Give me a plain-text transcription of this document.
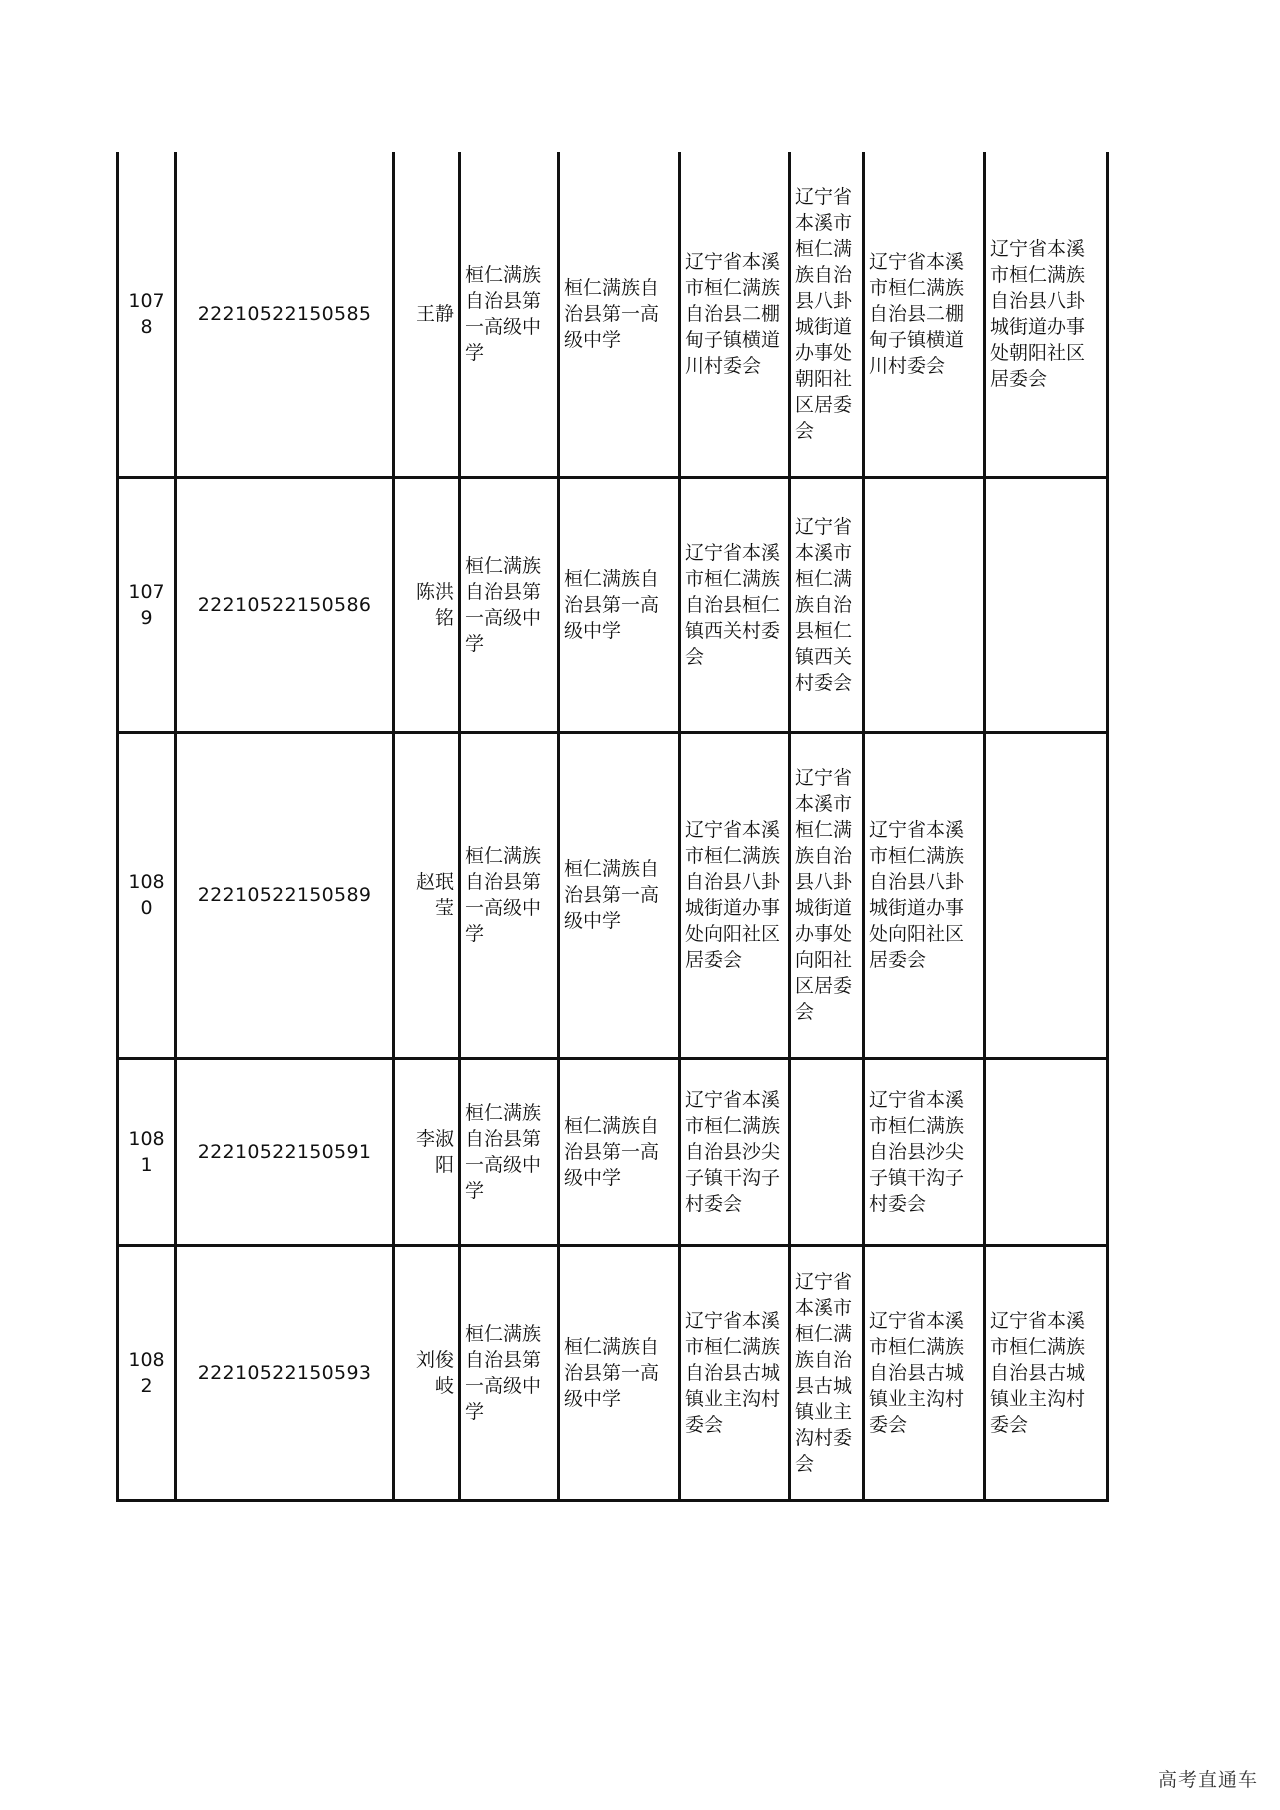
1078	22210522150585	王静	桓仁满族自治县第一高级中学	桓仁满族自治县第一高级中学	辽宁省本溪市桓仁满族自治县二棚甸子镇横道川村委会	辽宁省本溪市桓仁满族自治县八卦城街道办事处朝阳社区居委会	辽宁省本溪市桓仁满族自治县二棚甸子镇横道川村委会	辽宁省本溪市桓仁满族自治县八卦城街道办事处朝阳社区居委会
1079	22210522150586	陈洪铭	桓仁满族自治县第一高级中学	桓仁满族自治县第一高级中学	辽宁省本溪市桓仁满族自治县桓仁镇西关村委会	辽宁省本溪市桓仁满族自治县桓仁镇西关村委会		
1080	22210522150589	赵珉莹	桓仁满族自治县第一高级中学	桓仁满族自治县第一高级中学	辽宁省本溪市桓仁满族自治县八卦城街道办事处向阳社区居委会	辽宁省本溪市桓仁满族自治县八卦城街道办事处向阳社区居委会	辽宁省本溪市桓仁满族自治县八卦城街道办事处向阳社区居委会	
1081	22210522150591	李淑阳	桓仁满族自治县第一高级中学	桓仁满族自治县第一高级中学	辽宁省本溪市桓仁满族自治县沙尖子镇干沟子村委会		辽宁省本溪市桓仁满族自治县沙尖子镇干沟子村委会	
1082	22210522150593	刘俊岐	桓仁满族自治县第一高级中学	桓仁满族自治县第一高级中学	辽宁省本溪市桓仁满族自治县古城镇业主沟村委会	辽宁省本溪市桓仁满族自治县古城镇业主沟村委会	辽宁省本溪市桓仁满族自治县古城镇业主沟村委会	辽宁省本溪市桓仁满族自治县古城镇业主沟村委会
高考直通车
